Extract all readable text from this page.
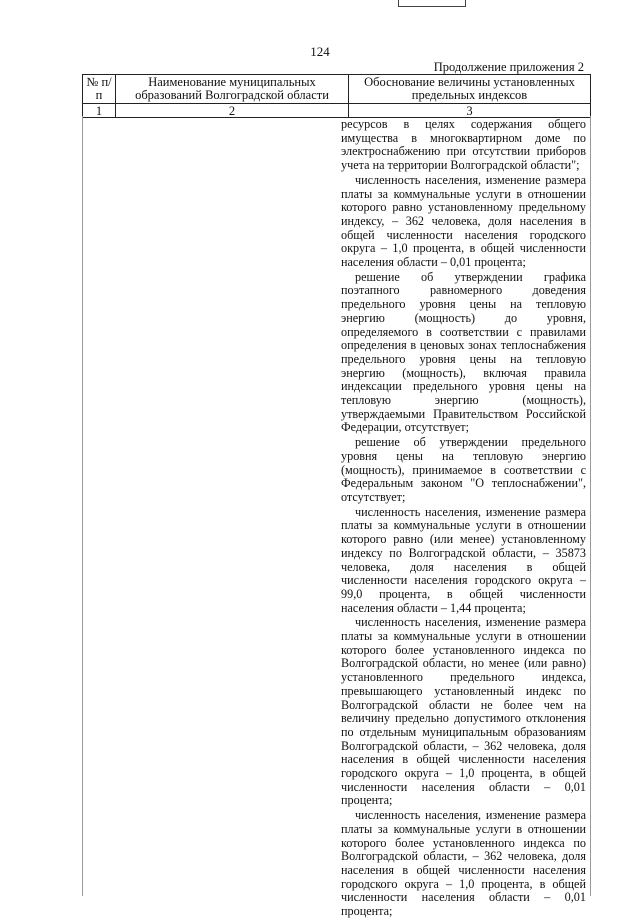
124
Продолжение приложения 2
№ п/п	Наименование муниципальных образований Волгоградской области	Обоснование величины установленных предельных индексов
1	2	3

ресурсов в целях содержания общего имущества в многоквартирном доме по электроснабжению при отсутствии приборов учета на территории Волгоградской области";

численность населения, изменение размера платы за коммунальные услуги в отношении которого равно установленному предельному индексу, – 362 человека, доля населения в общей численности населения городского округа – 1,0 процента, в общей численности населения области – 0,01 процента;

решение об утверждении графика поэтапного равномерного доведения предельного уровня цены на тепловую энергию (мощность) до уровня, определяемого в соответствии с правилами определения в ценовых зонах теплоснабжения предельного уровня цены на тепловую энергию (мощность), включая правила индексации предельного уровня цены на тепловую энергию (мощность), утверждаемыми Правительством Российской Федерации, отсутствует;

решение об утверждении предельного уровня цены на тепловую энергию (мощность), принимаемое в соответствии с Федеральным законом "О теплоснабжении", отсутствует;

численность населения, изменение размера платы за коммунальные услуги в отношении которого равно (или менее) установленному индексу по Волгоградской области, – 35873 человека, доля населения в общей численности населения городского округа – 99,0 процента, в общей численности населения области – 1,44 процента;

численность населения, изменение размера платы за коммунальные услуги в отношении которого более установленного индекса по Волгоградской области, но менее (или равно) установленного предельного индекса, превышающего установленный индекс по Волгоградской области не более чем на величину предельно допустимого отклонения по отдельным муниципальным образованиям Волгоградской области, – 362 человека, доля населения в общей численности населения городского округа – 1,0 процента, в общей численности населения области – 0,01 процента;

численность населения, изменение размера платы за коммунальные услуги в отношении которого более установленного индекса по Волгоградской области, – 362 человека, доля населения в общей численности населения городского округа – 1,0 процента, в общей численности населения области – 0,01 процента;
